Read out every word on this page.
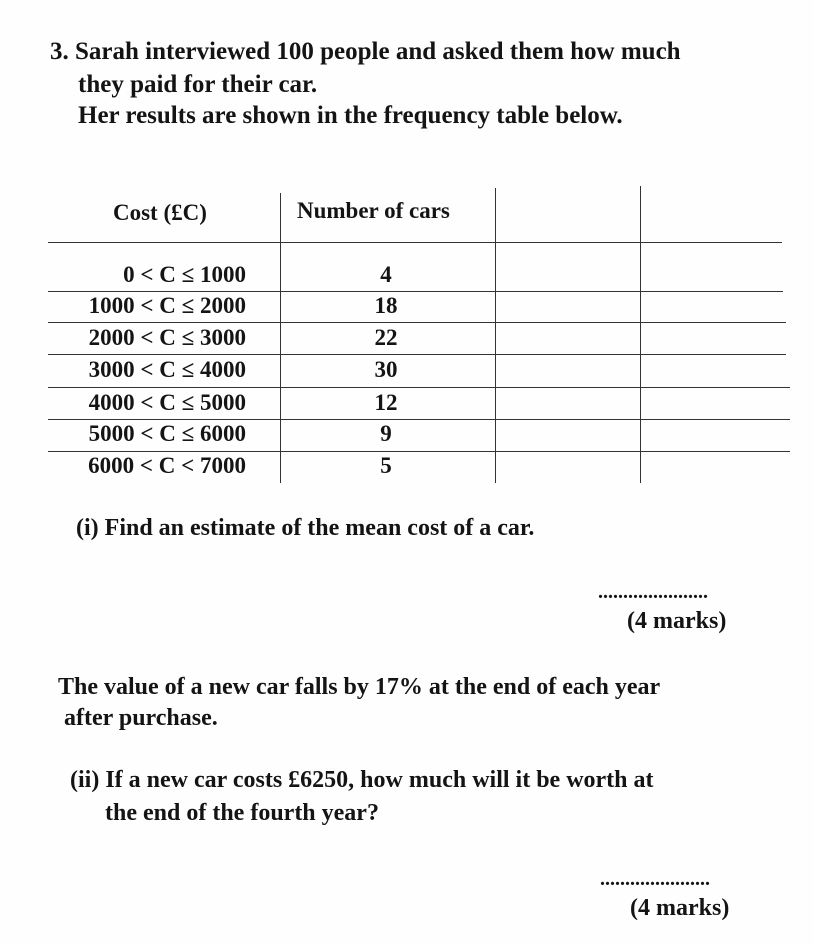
3. Sarah interviewed 100 people and asked them how much
they paid for their car.
Her results are shown in the frequency table below.
Cost (£C)	Number of cars
0 < C ≤ 1000	4
1000 < C ≤ 2000	18
2000 < C ≤ 3000	22
3000 < C ≤ 4000	30
4000 < C ≤ 5000	12
5000 < C ≤ 6000	9
6000 < C < 7000	5
(i) Find an estimate of the mean cost of a car.
......................
(4 marks)
The value of a new car falls by 17% at the end of each year
after purchase.
(ii) If a new car costs £6250, how much will it be worth at
the end of the fourth year?
......................
(4 marks)
